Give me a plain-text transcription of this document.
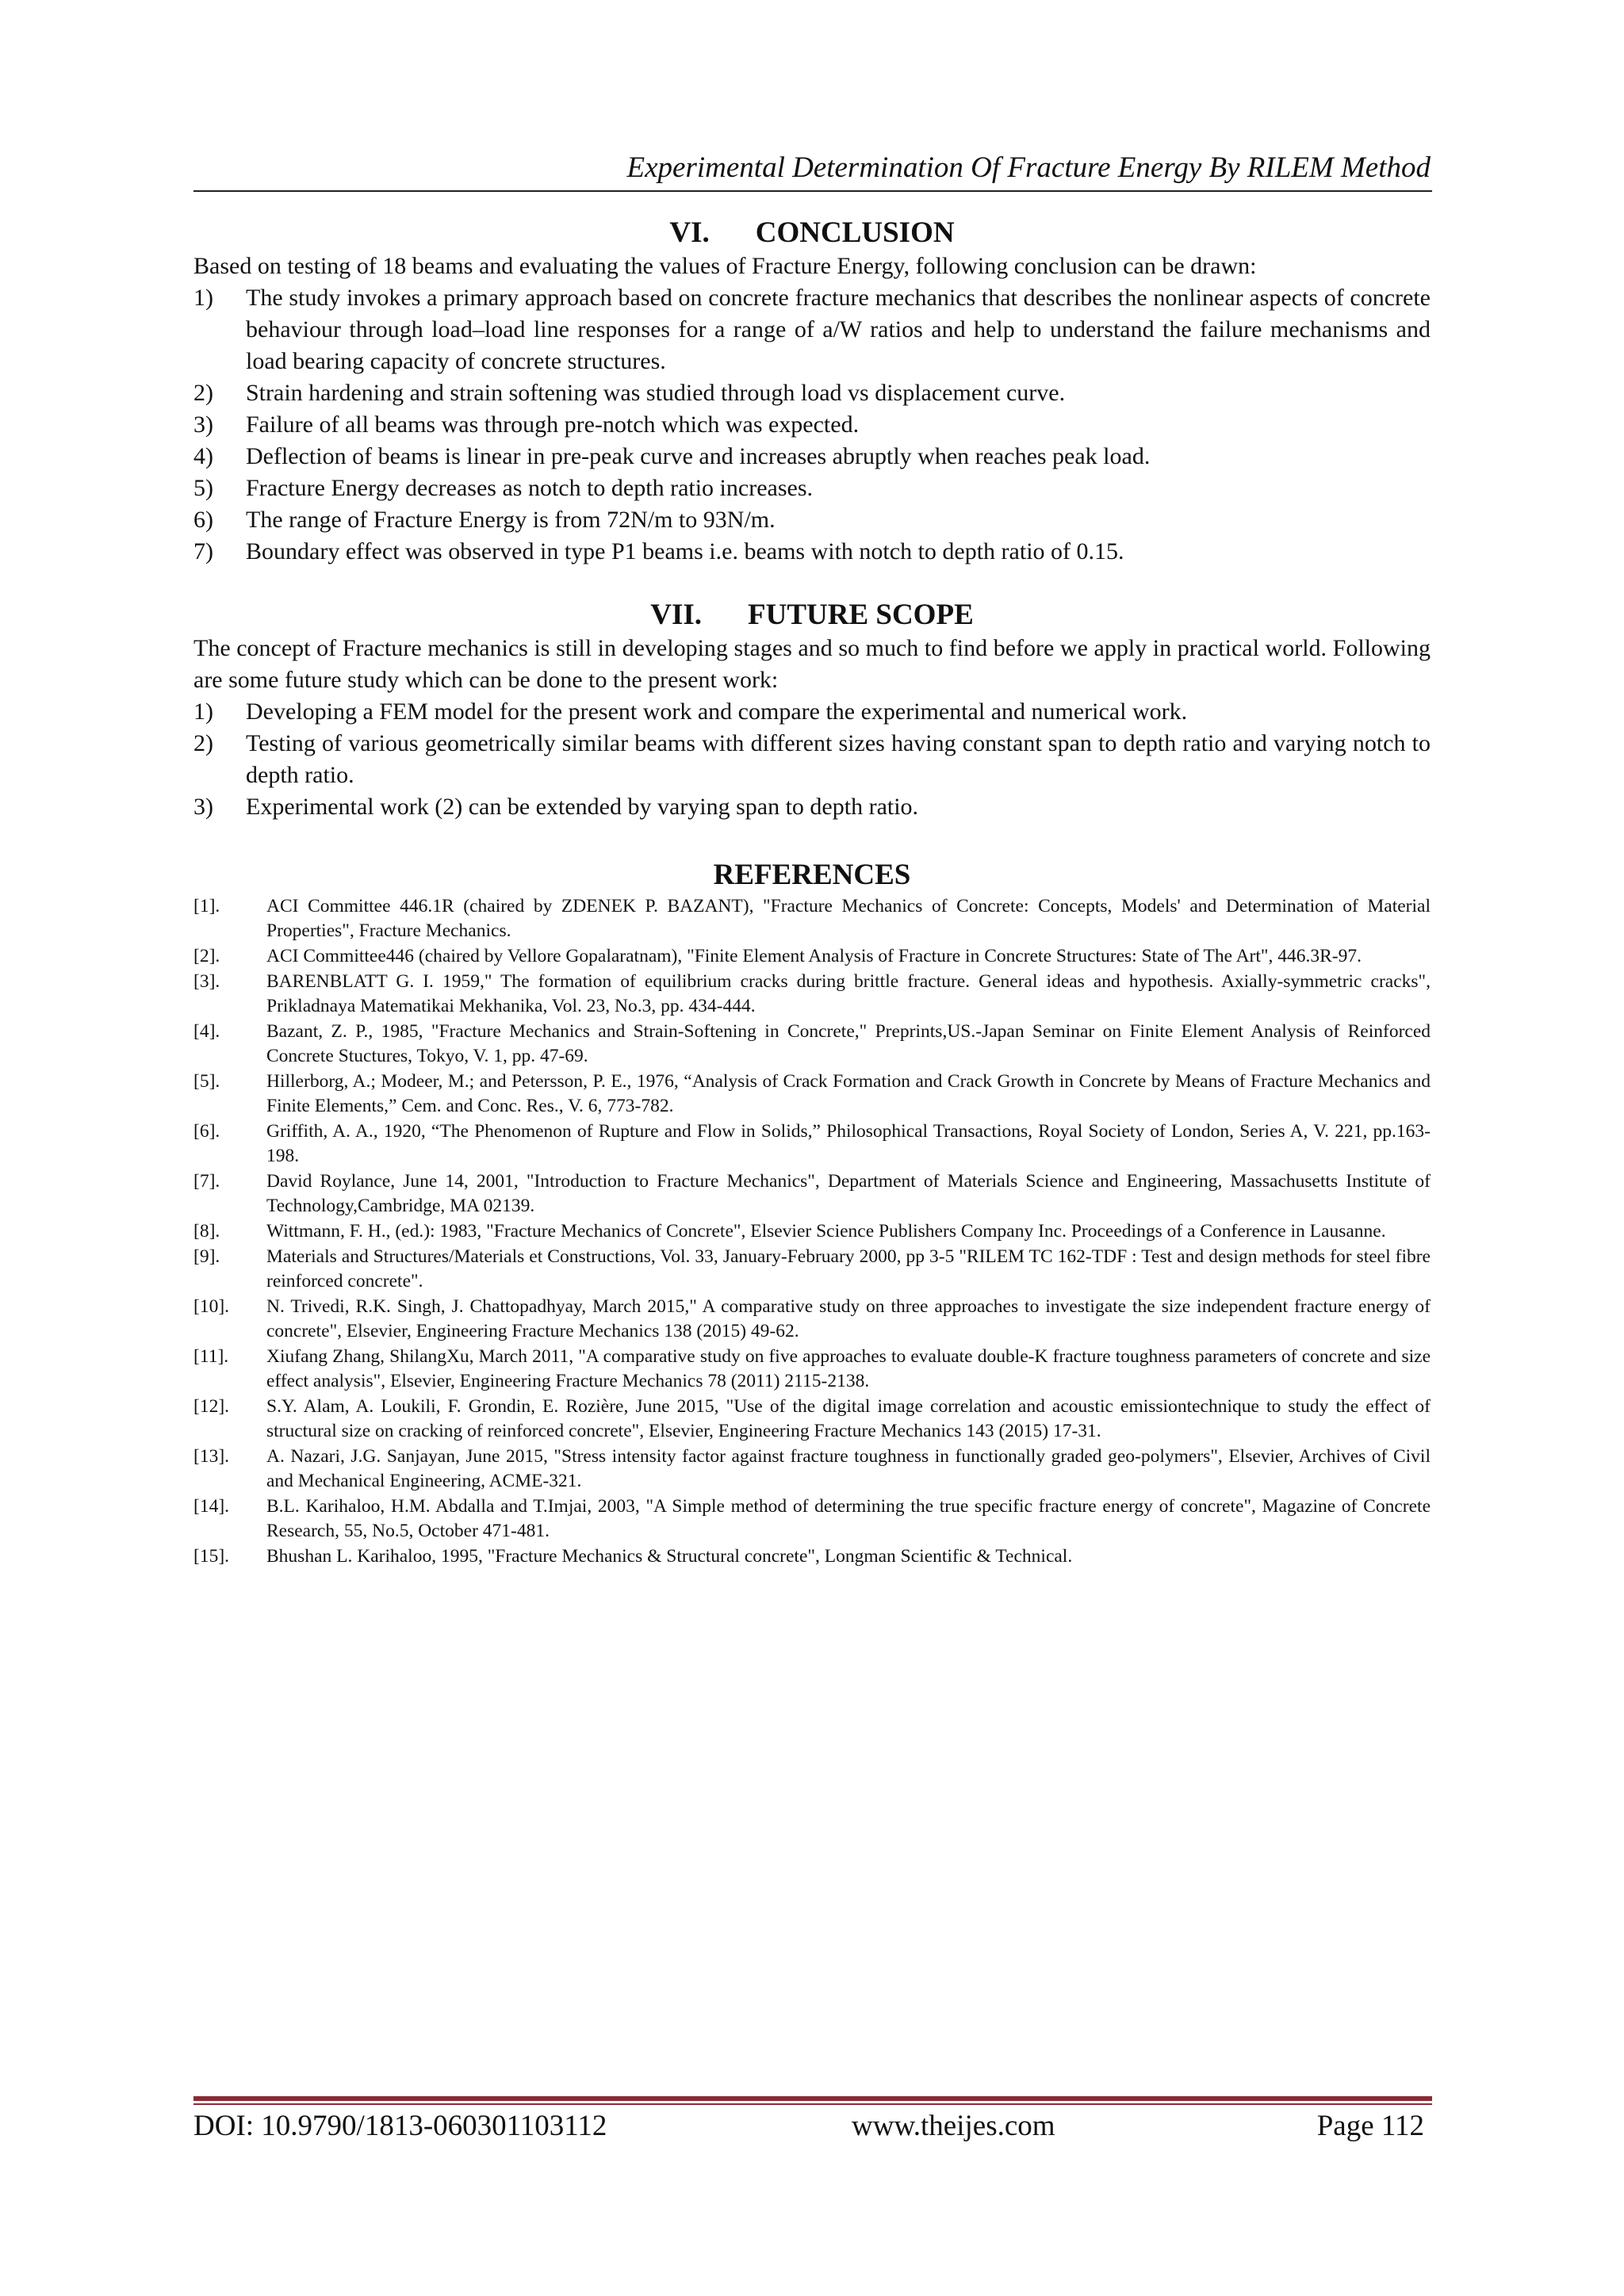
Experimental Determination Of Fracture Energy By RILEM Method
VI. CONCLUSION

Based on testing of 18 beams and evaluating the values of Fracture Energy, following conclusion can be drawn:

1)	The study invokes a primary approach based on concrete fracture mechanics that describes the nonlinear aspects of concrete behaviour through load–load line responses for a range of a/W ratios and help to understand the failure mechanisms and load bearing capacity of concrete structures.
2)	Strain hardening and strain softening was studied through load vs displacement curve.
3)	Failure of all beams was through pre-notch which was expected.
4)	Deflection of beams is linear in pre-peak curve and increases abruptly when reaches peak load.
5)	Fracture Energy decreases as notch to depth ratio increases.
6)	The range of Fracture Energy is from 72N/m to 93N/m.
7)	Boundary effect was observed in type P1 beams i.e. beams with notch to depth ratio of 0.15.
VII. FUTURE SCOPE

The concept of Fracture mechanics is still in developing stages and so much to find before we apply in practical world. Following are some future study which can be done to the present work:

1)	Developing a FEM model for the present work and compare the experimental and numerical work.
2)	Testing of various geometrically similar beams with different sizes having constant span to depth ratio and varying notch to depth ratio.
3)	Experimental work (2) can be extended by varying span to depth ratio.
REFERENCES
[1].	ACI Committee 446.1R (chaired by ZDENEK P. BAZANT), "Fracture Mechanics of Concrete: Concepts, Models' and Determination of Material Properties", Fracture Mechanics.
[2].	ACI Committee446 (chaired by Vellore Gopalaratnam), "Finite Element Analysis of Fracture in Concrete Structures: State of The Art", 446.3R-97.
[3].	BARENBLATT G. I. 1959," The formation of equilibrium cracks during brittle fracture. General ideas and hypothesis. Axially-symmetric cracks", Prikladnaya Matematikai Mekhanika, Vol. 23, No.3, pp. 434-444.
[4].	Bazant, Z. P., 1985, "Fracture Mechanics and Strain-Softening in Concrete," Preprints,US.-Japan Seminar on Finite Element Analysis of Reinforced Concrete Stuctures, Tokyo, V. 1, pp. 47-69.
[5].	Hillerborg, A.; Modeer, M.; and Petersson, P. E., 1976, “Analysis of Crack Formation and Crack Growth in Concrete by Means of Fracture Mechanics and Finite Elements,” Cem. and Conc. Res., V. 6, 773-782.
[6].	Griffith, A. A., 1920, “The Phenomenon of Rupture and Flow in Solids,” Philosophical Transactions, Royal Society of London, Series A, V. 221, pp.163-198.
[7].	David Roylance, June 14, 2001, "Introduction to Fracture Mechanics", Department of Materials Science and Engineering, Massachusetts Institute of Technology,Cambridge, MA 02139.
[8].	Wittmann, F. H., (ed.): 1983, "Fracture Mechanics of Concrete", Elsevier Science Publishers Company Inc. Proceedings of a Conference in Lausanne.
[9].	Materials and Structures/Materials et Constructions, Vol. 33, January-February 2000, pp 3-5 "RILEM TC 162-TDF : Test and design methods for steel fibre reinforced concrete".
[10].	N. Trivedi, R.K. Singh, J. Chattopadhyay, March 2015," A comparative study on three approaches to investigate the size independent fracture energy of concrete", Elsevier, Engineering Fracture Mechanics 138 (2015) 49-62.
[11].	Xiufang Zhang, ShilangXu, March 2011, "A comparative study on five approaches to evaluate double-K fracture toughness parameters of concrete and size effect analysis", Elsevier, Engineering Fracture Mechanics 78 (2011) 2115-2138.
[12].	S.Y. Alam, A. Loukili, F. Grondin, E. Rozière, June 2015, "Use of the digital image correlation and acoustic emissiontechnique to study the effect of structural size on cracking of reinforced concrete", Elsevier, Engineering Fracture Mechanics 143 (2015) 17-31.
[13].	A. Nazari, J.G. Sanjayan, June 2015, "Stress intensity factor against fracture toughness in functionally graded geo-polymers", Elsevier, Archives of Civil and Mechanical Engineering, ACME-321.
[14].	B.L. Karihaloo, H.M. Abdalla and T.Imjai, 2003, "A Simple method of determining the true specific fracture energy of concrete", Magazine of Concrete Research, 55, No.5, October 471-481.
[15].	Bhushan L. Karihaloo, 1995, "Fracture Mechanics & Structural concrete", Longman Scientific & Technical.
DOI: 10.9790/1813-060301103112	www.theijes.com	Page 112
